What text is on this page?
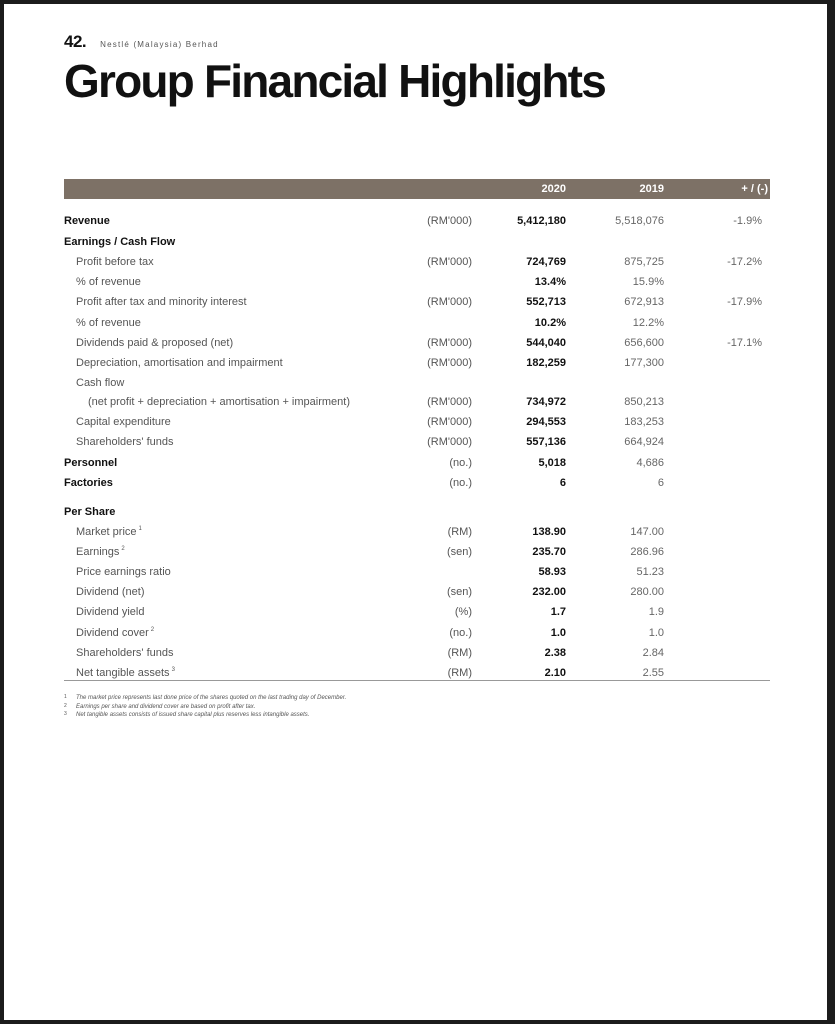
42. Nestlé (Malaysia) Berhad
Group Financial Highlights
2020	2019	+ / (-)
Revenue	(RM'000)	5,412,180	5,518,076	-1.9%
Earnings / Cash Flow
Profit before tax	(RM'000)	724,769	875,725	-17.2%
% of revenue	13.4%	15.9%
Profit after tax and minority interest	(RM'000)	552,713	672,913	-17.9%
% of revenue	10.2%	12.2%
Dividends paid & proposed (net)	(RM'000)	544,040	656,600	-17.1%
Depreciation, amortisation and impairment	(RM'000)	182,259	177,300
Cash flow
(net profit + depreciation + amortisation + impairment)	(RM'000)	734,972	850,213
Capital expenditure	(RM'000)	294,553	183,253
Shareholders' funds	(RM'000)	557,136	664,924
Personnel	(no.)	5,018	4,686
Factories	(no.)	6	6
Per Share
Market price $^1$	(RM)	138.90	147.00
Earnings $^2$	(sen)	235.70	286.96
Price earnings ratio	58.93	51.23
Dividend (net)	(sen)	232.00	280.00
Dividend yield	(%)	1.7	1.9
Dividend cover $^2$	(no.)	1.0	1.0
Shareholders' funds	(RM)	2.38	2.84
Net tangible assets $^3$	(RM)	2.10	2.55
1 The market price represents last done price of the shares quoted on the last trading day of December.
2 Earnings per share and dividend cover are based on profit after tax.
3 Net tangible assets consists of issued share capital plus reserves less intangible assets.
